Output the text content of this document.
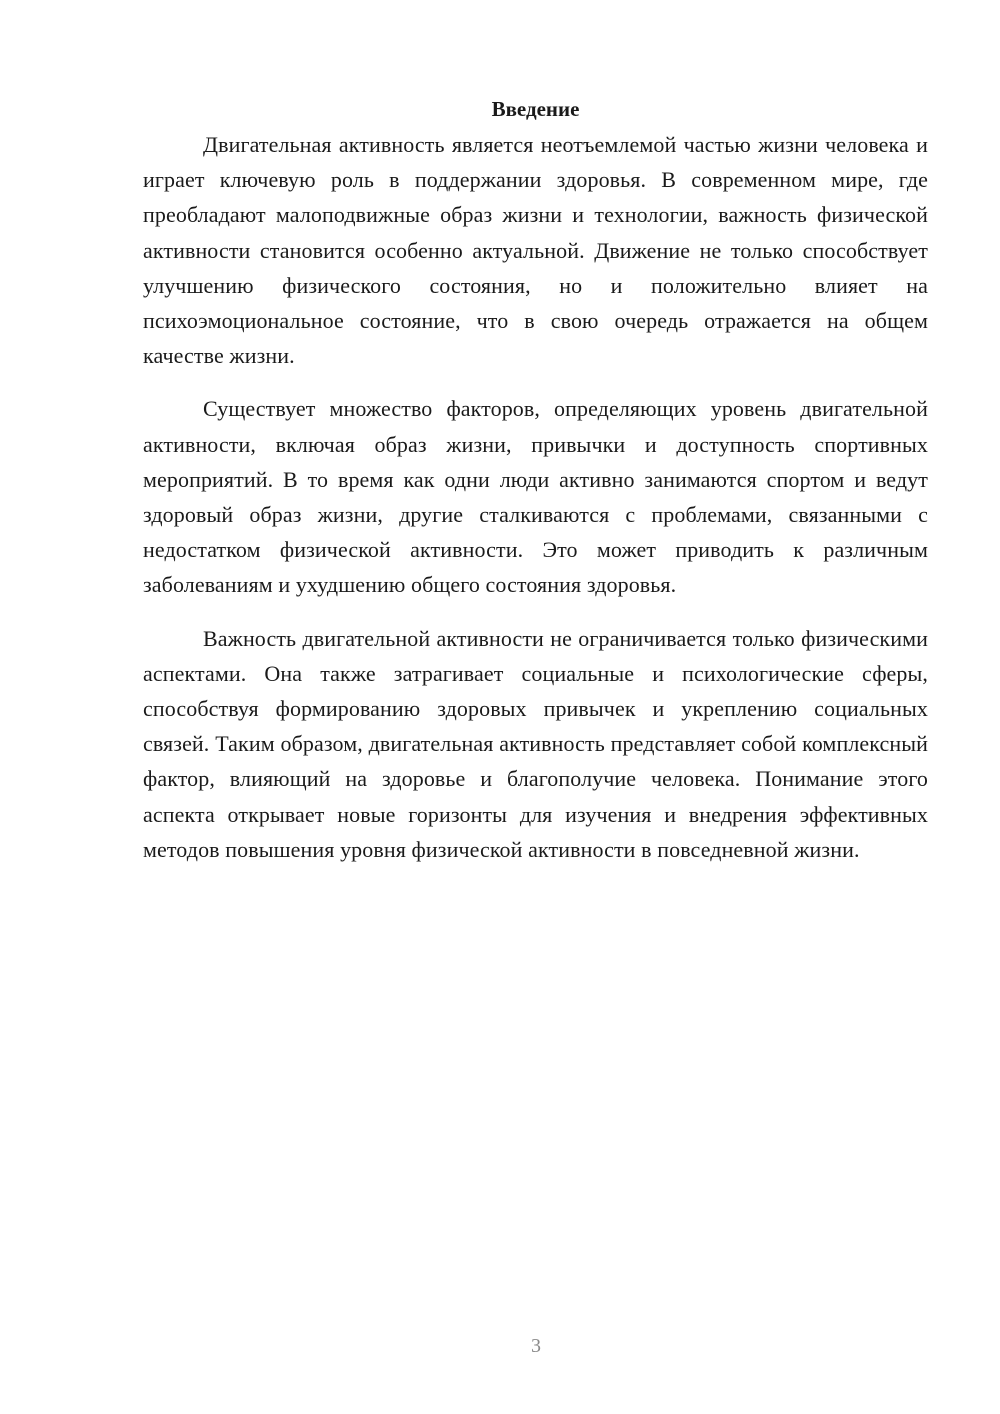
Введение

Двигательная активность является неотъемлемой частью жизни человека и играет ключевую роль в поддержании здоровья. В современном мире, где преобладают малоподвижные образ жизни и технологии, важность физической активности становится особенно актуальной. Движение не только способствует улучшению физического состояния, но и положительно влияет на психоэмоциональное состояние, что в свою очередь отражается на общем качестве жизни.

Существует множество факторов, определяющих уровень двигательной активности, включая образ жизни, привычки и доступность спортивных мероприятий. В то время как одни люди активно занимаются спортом и ведут здоровый образ жизни, другие сталкиваются с проблемами, связанными с недостатком физической активности. Это может приводить к различным заболеваниям и ухудшению общего состояния здоровья.

Важность двигательной активности не ограничивается только физическими аспектами. Она также затрагивает социальные и психологические сферы, способствуя формированию здоровых привычек и укреплению социальных связей. Таким образом, двигательная активность представляет собой комплексный фактор, влияющий на здоровье и благополучие человека. Понимание этого аспекта открывает новые горизонты для изучения и внедрения эффективных методов повышения уровня физической активности в повседневной жизни.

3
